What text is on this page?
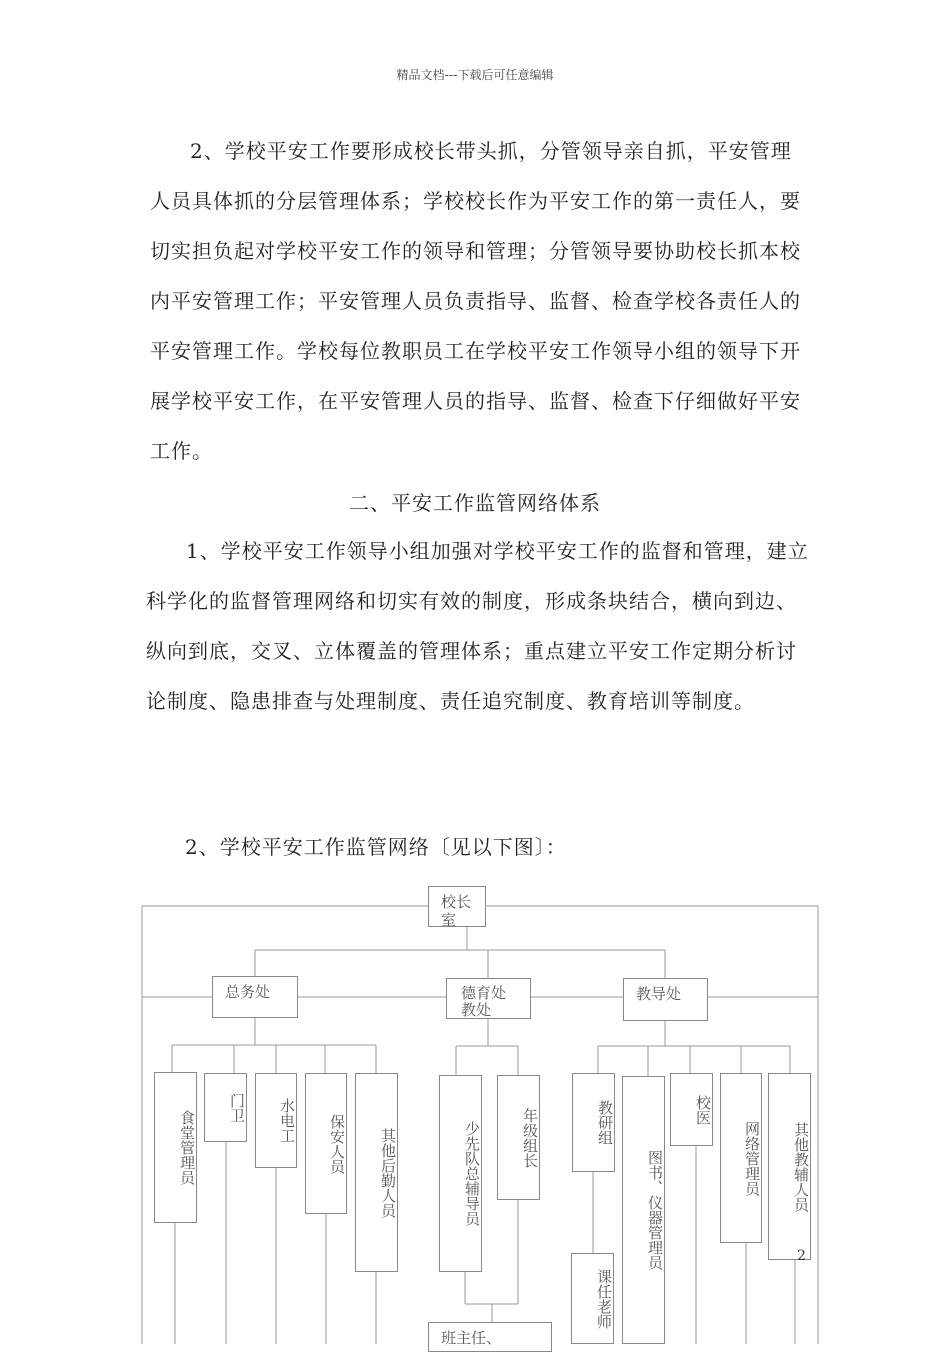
精品文档---下载后可任意编辑

2、学校平安工作要形成校长带头抓，分管领导亲自抓，平安管理人员具体抓的分层管理体系；学校校长作为平安工作的第一责任人，要切实担负起对学校平安工作的领导和管理；分管领导要协助校长抓本校内平安管理工作；平安管理人员负责指导、监督、检查学校各责任人的平安管理工作。学校每位教职员工在学校平安工作领导小组的领导下开展学校平安工作，在平安管理人员的指导、监督、检查下仔细做好平安工作。

二、平安工作监管网络体系

1、学校平安工作领导小组加强对学校平安工作的监督和管理，建立科学化的监督管理网络和切实有效的制度，形成条块结合，横向到边、纵向到底，交叉、立体覆盖的管理体系；重点建立平安工作定期分析讨论制度、隐患排查与处理制度、责任追究制度、教育培训等制度。

2、学校平安工作监管网络〔见以下图〕：
校长室
总务处	德育处教处
教导处
食堂管理员
门卫	水电工	保安人员	其他后勤人员	少先队总辅导员	年级组长	教研组
图书、仪器管理员
校医
网络管理员	其他教辅人员
课任老师
班主任、
2
